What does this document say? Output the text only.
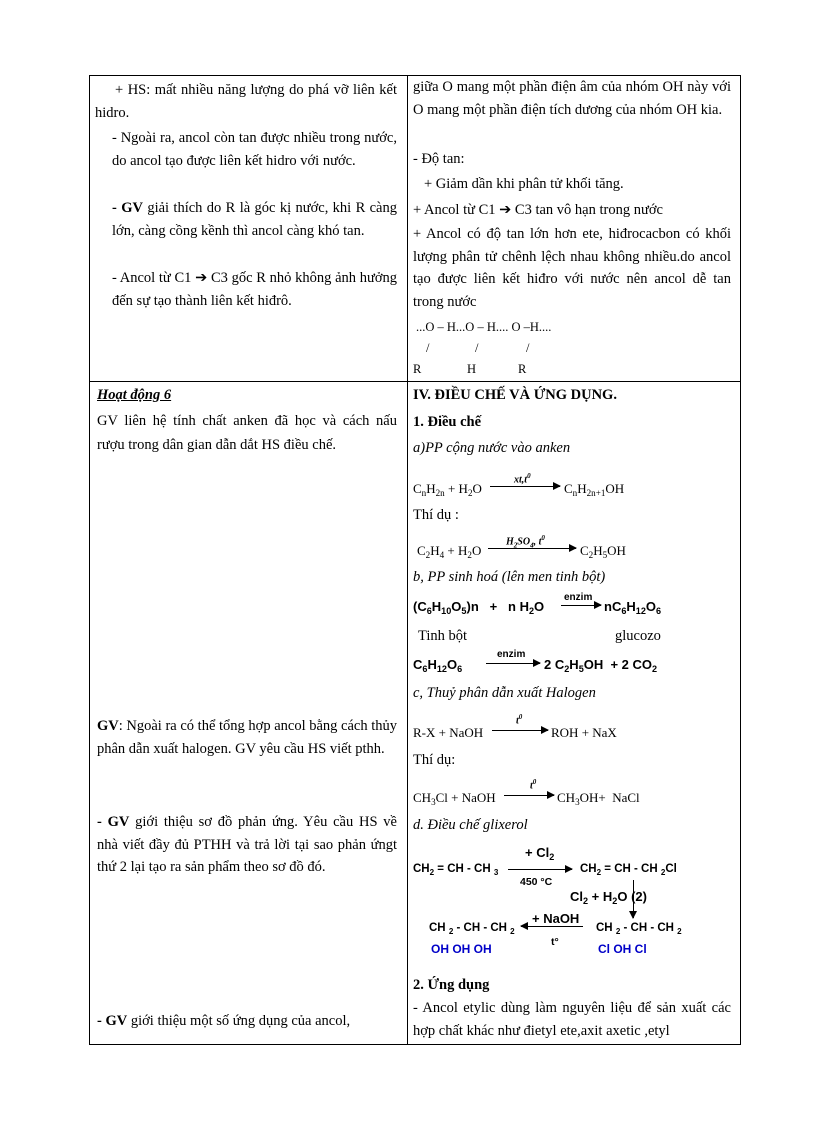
+ HS: mất nhiều năng lượng do phá vỡ liên kết hidro.
- Ngoài ra, ancol còn tan được nhiều trong nước, do ancol tạo được liên kết hidro với nước.
- GV giải thích do R là góc kị nước, khi R càng lớn, càng cồng kềnh thì ancol càng khó tan.
- Ancol từ C1 ➔ C3 gốc R nhỏ không ảnh hưởng đến sự tạo thành liên kết hiđrô.
giữa O mang một phần điện âm của nhóm OH này với O mang một phần điện tích dương của nhóm OH kia.
- Độ tan:
+ Giảm dần khi phân tử khối tăng.
+ Ancol từ C1 ➔ C3 tan vô hạn trong nước
+ Ancol có độ tan lớn hơn ete, hiđrocacbon có khối lượng phân tử chênh lệch nhau không nhiều.do ancol tạo được liên kết hiđro với nước nên ancol dễ tan trong nước
...O – H...O – H.... O –H....
/	/	/
R	H	R
Hoạt động 6
GV liên hệ tính chất anken đã học và cách nấu rượu trong dân gian dẫn dắt HS điều chế.
GV: Ngoài ra có thể tổng hợp ancol bằng cách thủy phân dẫn xuất halogen. GV yêu cầu HS viết pthh.
- GV giới thiệu sơ đồ phản ứng. Yêu cầu HS về nhà viết đầy đủ PTHH và trả lời tại sao phản ứngt thứ 2 lại tạo ra sản phẩm theo sơ đồ đó.
- GV giới thiệu một số ứng dụng của ancol,
IV. ĐIỀU CHẾ VÀ ỨNG DỤNG.
1. Điều chế
a)PP cộng nước vào anken
$C_nH_{2n} + H_2O$
$xt,t^0$
$C_nH_{2n+1}OH$
Thí dụ :
$C_2H_4 + H_2O$
$H_2SO_4$, $t^0$
$C_2H_5OH$
b, PP sinh hoá (lên men tinh bột)
$(C_6H_{10}O_5)n + n$ $H_2O$
enzim
$nC_6H_{12}O_6$
Tinh bột	glucozo
$C_6H_{12}O_6$
enzim
2 $C_2H_5OH + 2$ $CO_2$
c, Thuỷ phân dẫn xuất Halogen
R-X + NaOH
$t^0$
ROH + NaX
Thí dụ:
$CH_3Cl$ + NaOH
$t^0$
$CH_3OH+$  NaCl
d. Điều chế glixerol
$CH_2$ = CH - CH $_3$
+ $Cl_2$
450 °C
$CH_2$ = CH - CH $_2$Cl
$Cl_2 + H_2O$ (2)
CH $_2$ - CH - CH $_2$
Cl OH Cl
+ NaOH
t°
CH $_2$ - CH - CH $_2$
OH OH OH
2. Ứng dụng
- Ancol etylic dùng làm nguyên liệu để sản xuất các hợp chất khác như đietyl ete,axit axetic ,etyl
